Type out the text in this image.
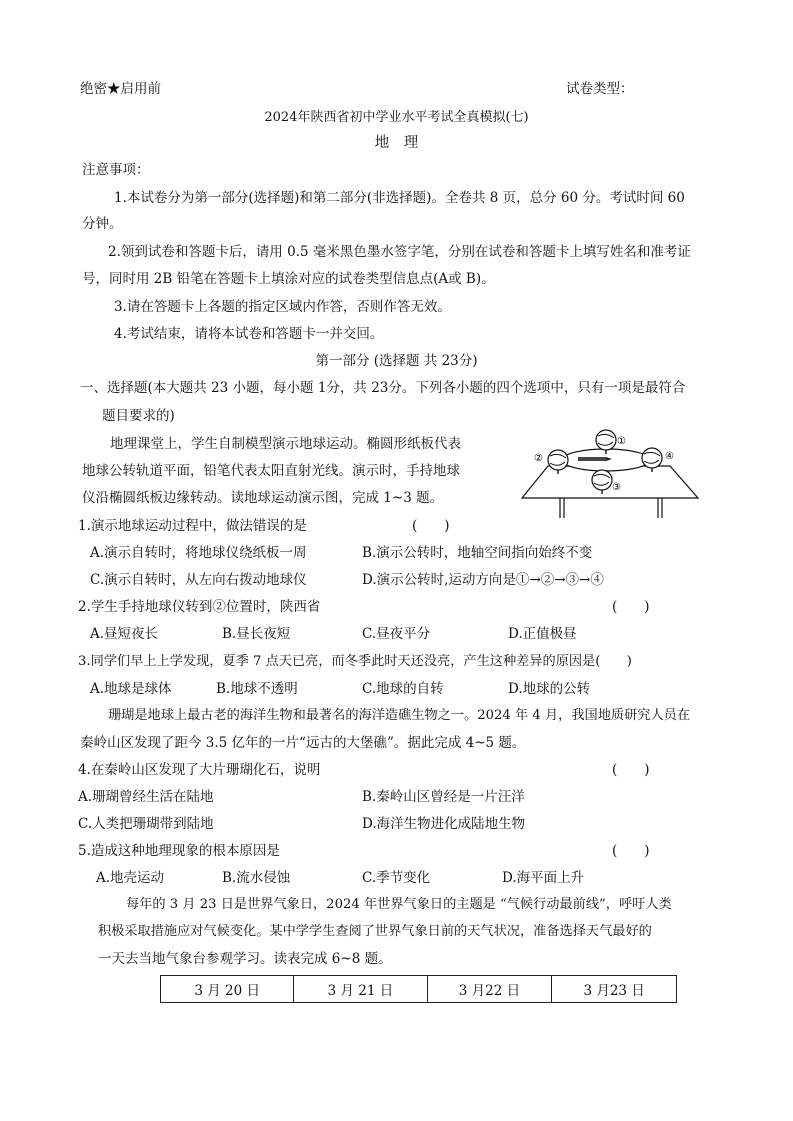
绝密★启用前	试卷类型：
2024年陕西省初中学业水平考试全真模拟(七)
地　理
注意事项：
1.本试卷分为第一部分(选择题)和第二部分(非选择题)。全卷共 8 页，总分 60 分。考试时间 60
分钟。
2.领到试卷和答题卡后，请用 0.5 毫米黑色墨水签字笔，分别在试卷和答题卡上填写姓名和准考证
号，同时用 2B 铅笔在答题卡上填涂对应的试卷类型信息点(A或 B)。
3.请在答题卡上各题的指定区域内作答，否则作答无效。
4.考试结束，请将本试卷和答题卡一并交回。
第一部分 (选择题 共 23分)
一、选择题(本大题共 23 小题，每小题 1分，共 23分。下列各小题的四个选项中，只有一项是最符合
题目要求的)
地理课堂上，学生自制模型演示地球运动。椭圆形纸板代表
地球公转轨道平面，铅笔代表太阳直射光线。演示时，手持地球
仪沿椭圆纸板边缘转动。读地球运动演示图，完成 1~3 题。
①
②
③
④
1.演示地球运动过程中，做法错误的是	(　　)
A.演示自转时，将地球仪绕纸板一周	B.演示公转时，地轴空间指向始终不变
C.演示自转时，从左向右拨动地球仪	D.演示公转时,运动方向是①→②→③→④
2.学生手持地球仪转到②位置时，陕西省	(　　)
A.昼短夜长	B.昼长夜短	C.昼夜平分	D.正值极昼
3.同学们早上上学发现，夏季 7 点天已亮，而冬季此时天还没亮，产生这种差异的原因是(　　)
A.地球是球体	B.地球不透明	C.地球的自转	D.地球的公转
珊瑚是地球上最古老的海洋生物和最著名的海洋造礁生物之一。2024 年 4 月，我国地质研究人员在
秦岭山区发现了距今 3.5 亿年的一片“远古的大堡礁”。据此完成 4~5 题。
4.在秦岭山区发现了大片珊瑚化石，说明	(　　)
A.珊瑚曾经生活在陆地	B.秦岭山区曾经是一片汪洋
C.人类把珊瑚带到陆地	D.海洋生物进化成陆地生物
5.造成这种地理现象的根本原因是	(　　)
A.地壳运动	B.流水侵蚀	C.季节变化	D.海平面上升
每年的 3 月 23 日是世界气象日，2024 年世界气象日的主题是 “气候行动最前线”，呼吁人类
积极采取措施应对气候变化。某中学学生查阅了世界气象日前的天气状况，准备选择天气最好的
一天去当地气象台参观学习。读表完成 6~8 题。
3 月 20 日	3 月 21 日	3 月22 日	3 月23 日
